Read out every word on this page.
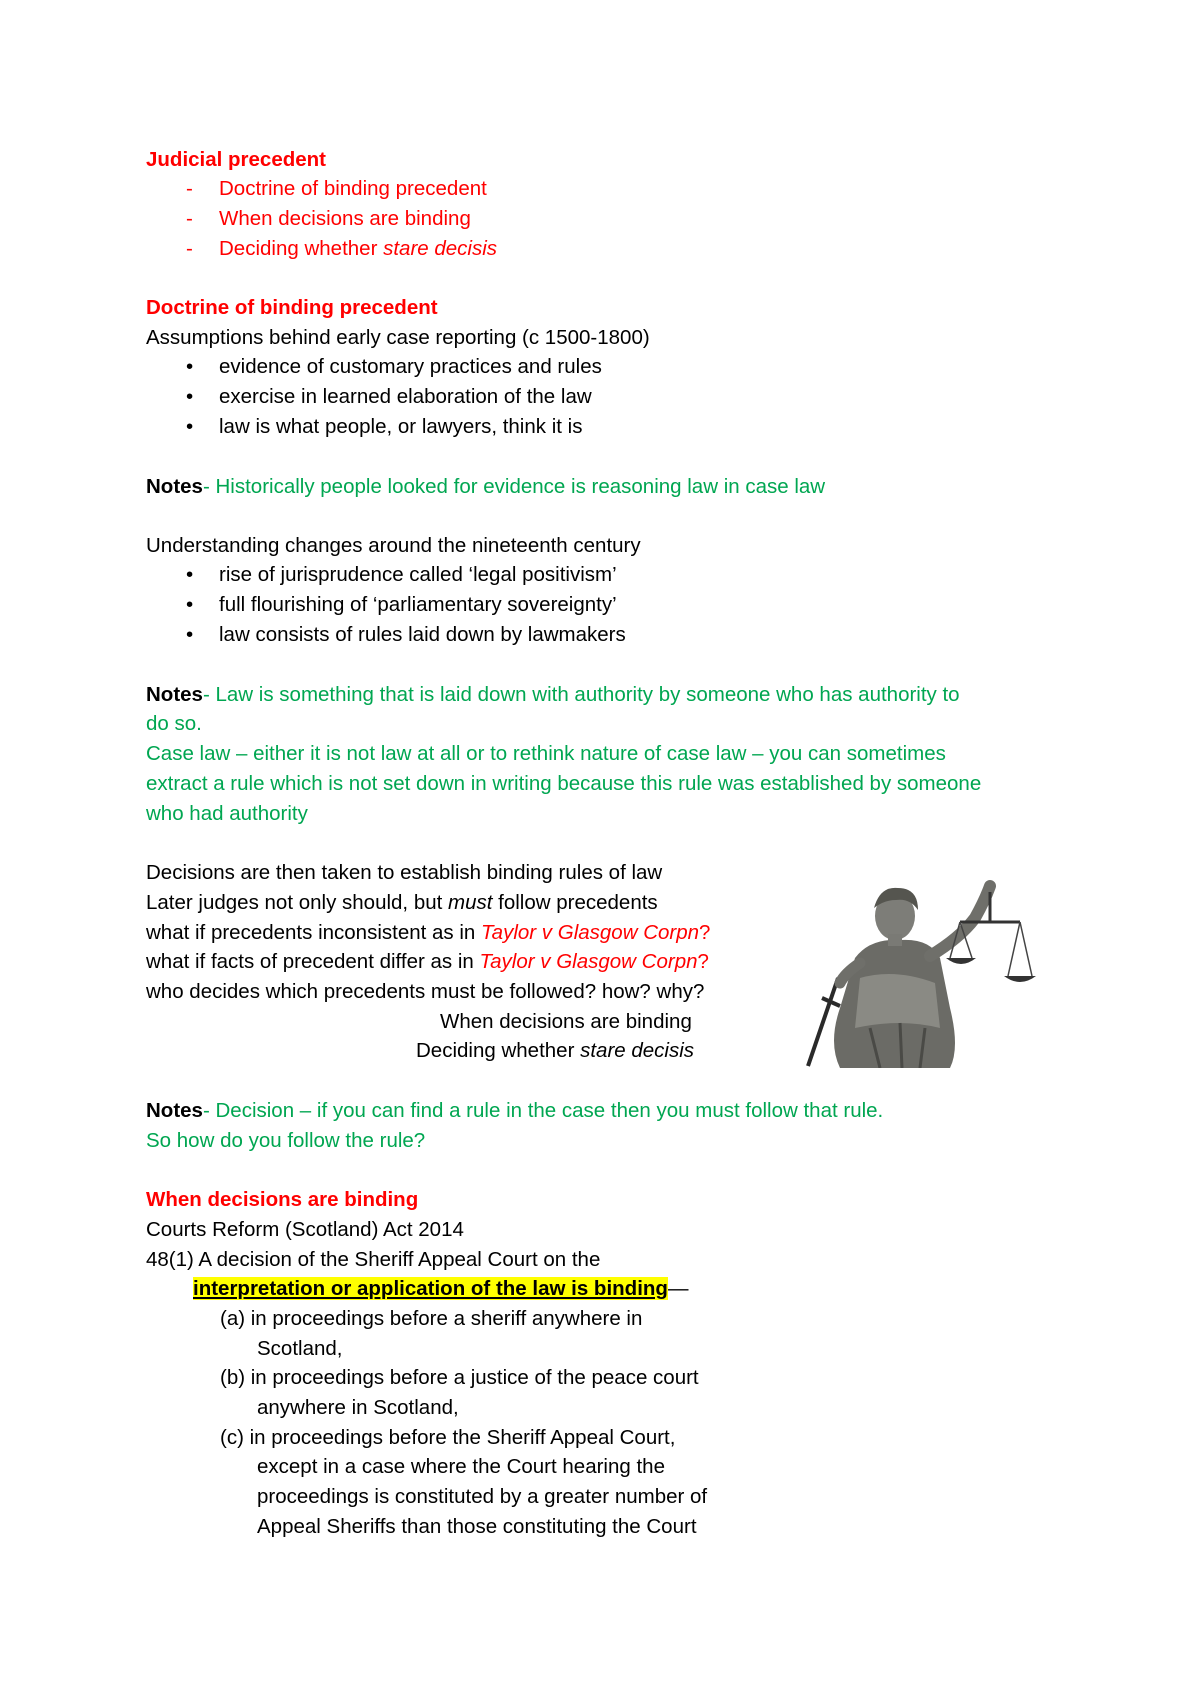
Judicial precedent
- Doctrine of binding precedent
- When decisions are binding
- Deciding whether stare decisis
Doctrine of binding precedent
Assumptions behind early case reporting (c 1500-1800)
• evidence of customary practices and rules
• exercise in learned elaboration of the law
• law is what people, or lawyers, think it is
Notes- Historically people looked for evidence is reasoning law in case law
Understanding changes around the nineteenth century
• rise of jurisprudence called ‘legal positivism’
• full flourishing of ‘parliamentary sovereignty’
• law consists of rules laid down by lawmakers
Notes- Law is something that is laid down with authority by someone who has authority to
do so.
Case law – either it is not law at all or to rethink nature of case law – you can sometimes
extract a rule which is not set down in writing because this rule was established by someone
who had authority
Decisions are then taken to establish binding rules of law
Later judges not only should, but must follow precedents
what if precedents inconsistent as in Taylor v Glasgow Corpn?
what if facts of precedent differ as in Taylor v Glasgow Corpn?
who decides which precedents must be followed? how? why?
When decisions are binding
Deciding whether stare decisis
Notes- Decision – if you can find a rule in the case then you must follow that rule.
So how do you follow the rule?
When decisions are binding
Courts Reform (Scotland) Act 2014
48(1) A decision of the Sheriff Appeal Court on the
interpretation or application of the law is binding—
(a) in proceedings before a sheriff anywhere in
Scotland,
(b) in proceedings before a justice of the peace court
anywhere in Scotland,
(c) in proceedings before the Sheriff Appeal Court,
except in a case where the Court hearing the
proceedings is constituted by a greater number of
Appeal Sheriffs than those constituting the Court
